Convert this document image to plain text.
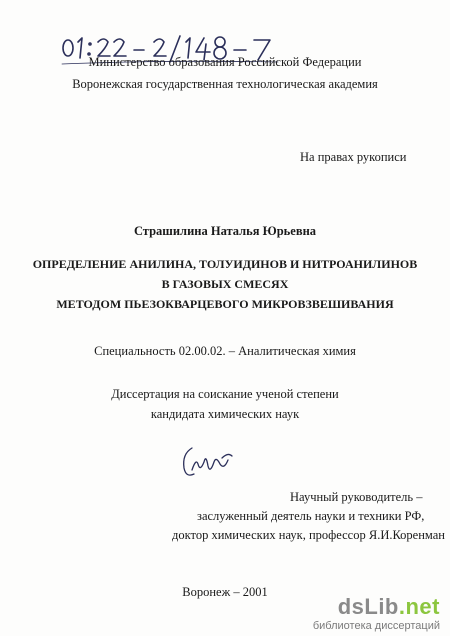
Министерство образования Российской Федерации
Воронежская государственная технологическая академия
На правах рукописи
Страшилина Наталья Юрьевна
ОПРЕДЕЛЕНИЕ АНИЛИНА, ТОЛУИДИНОВ И НИТРОАНИЛИНОВ
В ГАЗОВЫХ СМЕСЯХ
МЕТОДОМ ПЬЕЗОКВАРЦЕВОГО МИКРОВЗВЕШИВАНИЯ
Специальность 02.00.02. – Аналитическая химия
Диссертация на соискание ученой степени
кандидата химических наук
Научный руководитель –
заслуженный деятель науки и техники РФ,
доктор химических наук, профессор Я.И.Коренман
Воронеж – 2001
dsLib.net
библиотека диссертаций
